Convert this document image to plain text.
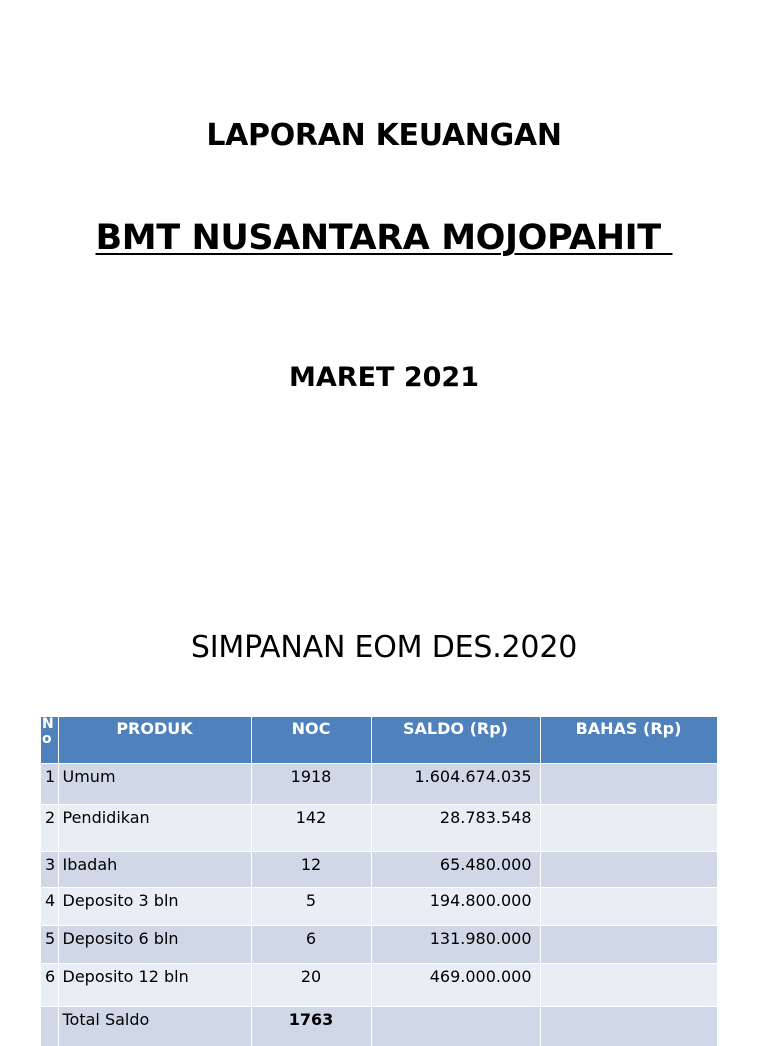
LAPORAN KEUANGAN
BMT NUSANTARA MOJOPAHIT
MARET 2021
SIMPANAN EOM DES.2020
No	PRODUK	NOC	SALDO (Rp)	BAHAS (Rp)
1	Umum	1918	1.604.674.035	
2	Pendidikan	142	28.783.548	
3	Ibadah	12	65.480.000	
4	Deposito 3 bln	5	194.800.000	
5	Deposito 6 bln	6	131.980.000	
6	Deposito 12 bln	20	469.000.000	
	Total Saldo	1763		
